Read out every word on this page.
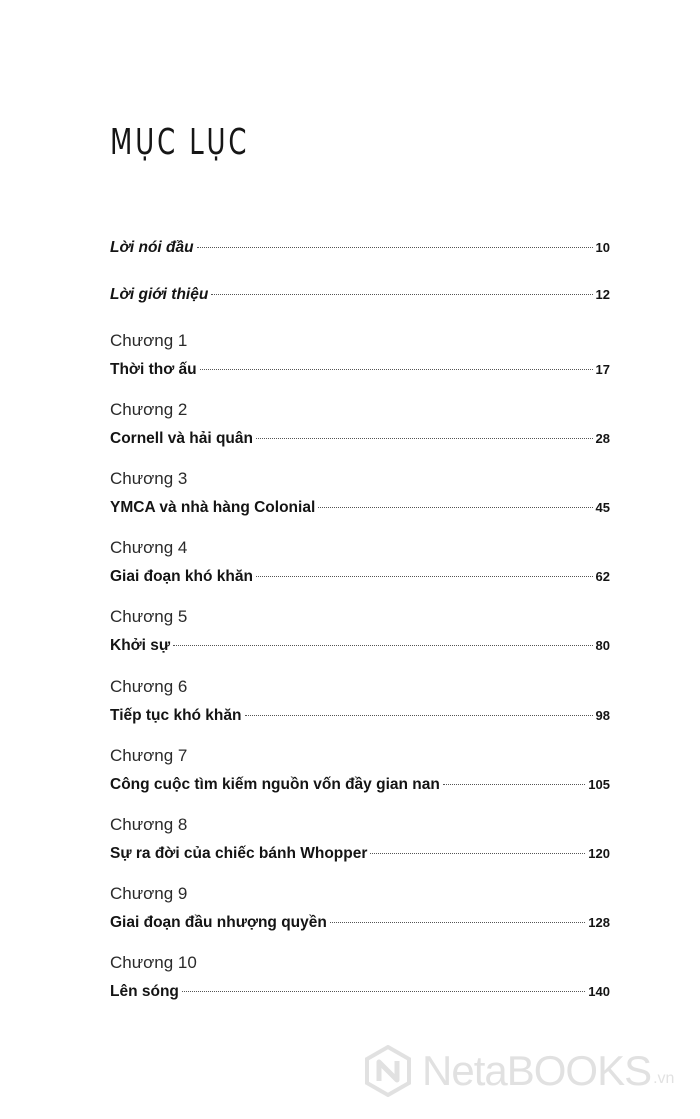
MỤC LỤC
Lời nói đầu	10
Lời giới thiệu	12
Chương 1
Thời thơ ấu	17
Chương 2
Cornell và hải quân	28
Chương 3
YMCA và nhà hàng Colonial	45
Chương 4
Giai đoạn khó khăn	62
Chương 5
Khởi sự	80
Chương 6
Tiếp tục khó khăn	98
Chương 7
Công cuộc tìm kiếm nguồn vốn đầy gian nan	105
Chương 8
Sự ra đời của chiếc bánh Whopper	120
Chương 9
Giai đoạn đầu nhượng quyền	128
Chương 10
Lên sóng	140
NetaBOOKS .vn
